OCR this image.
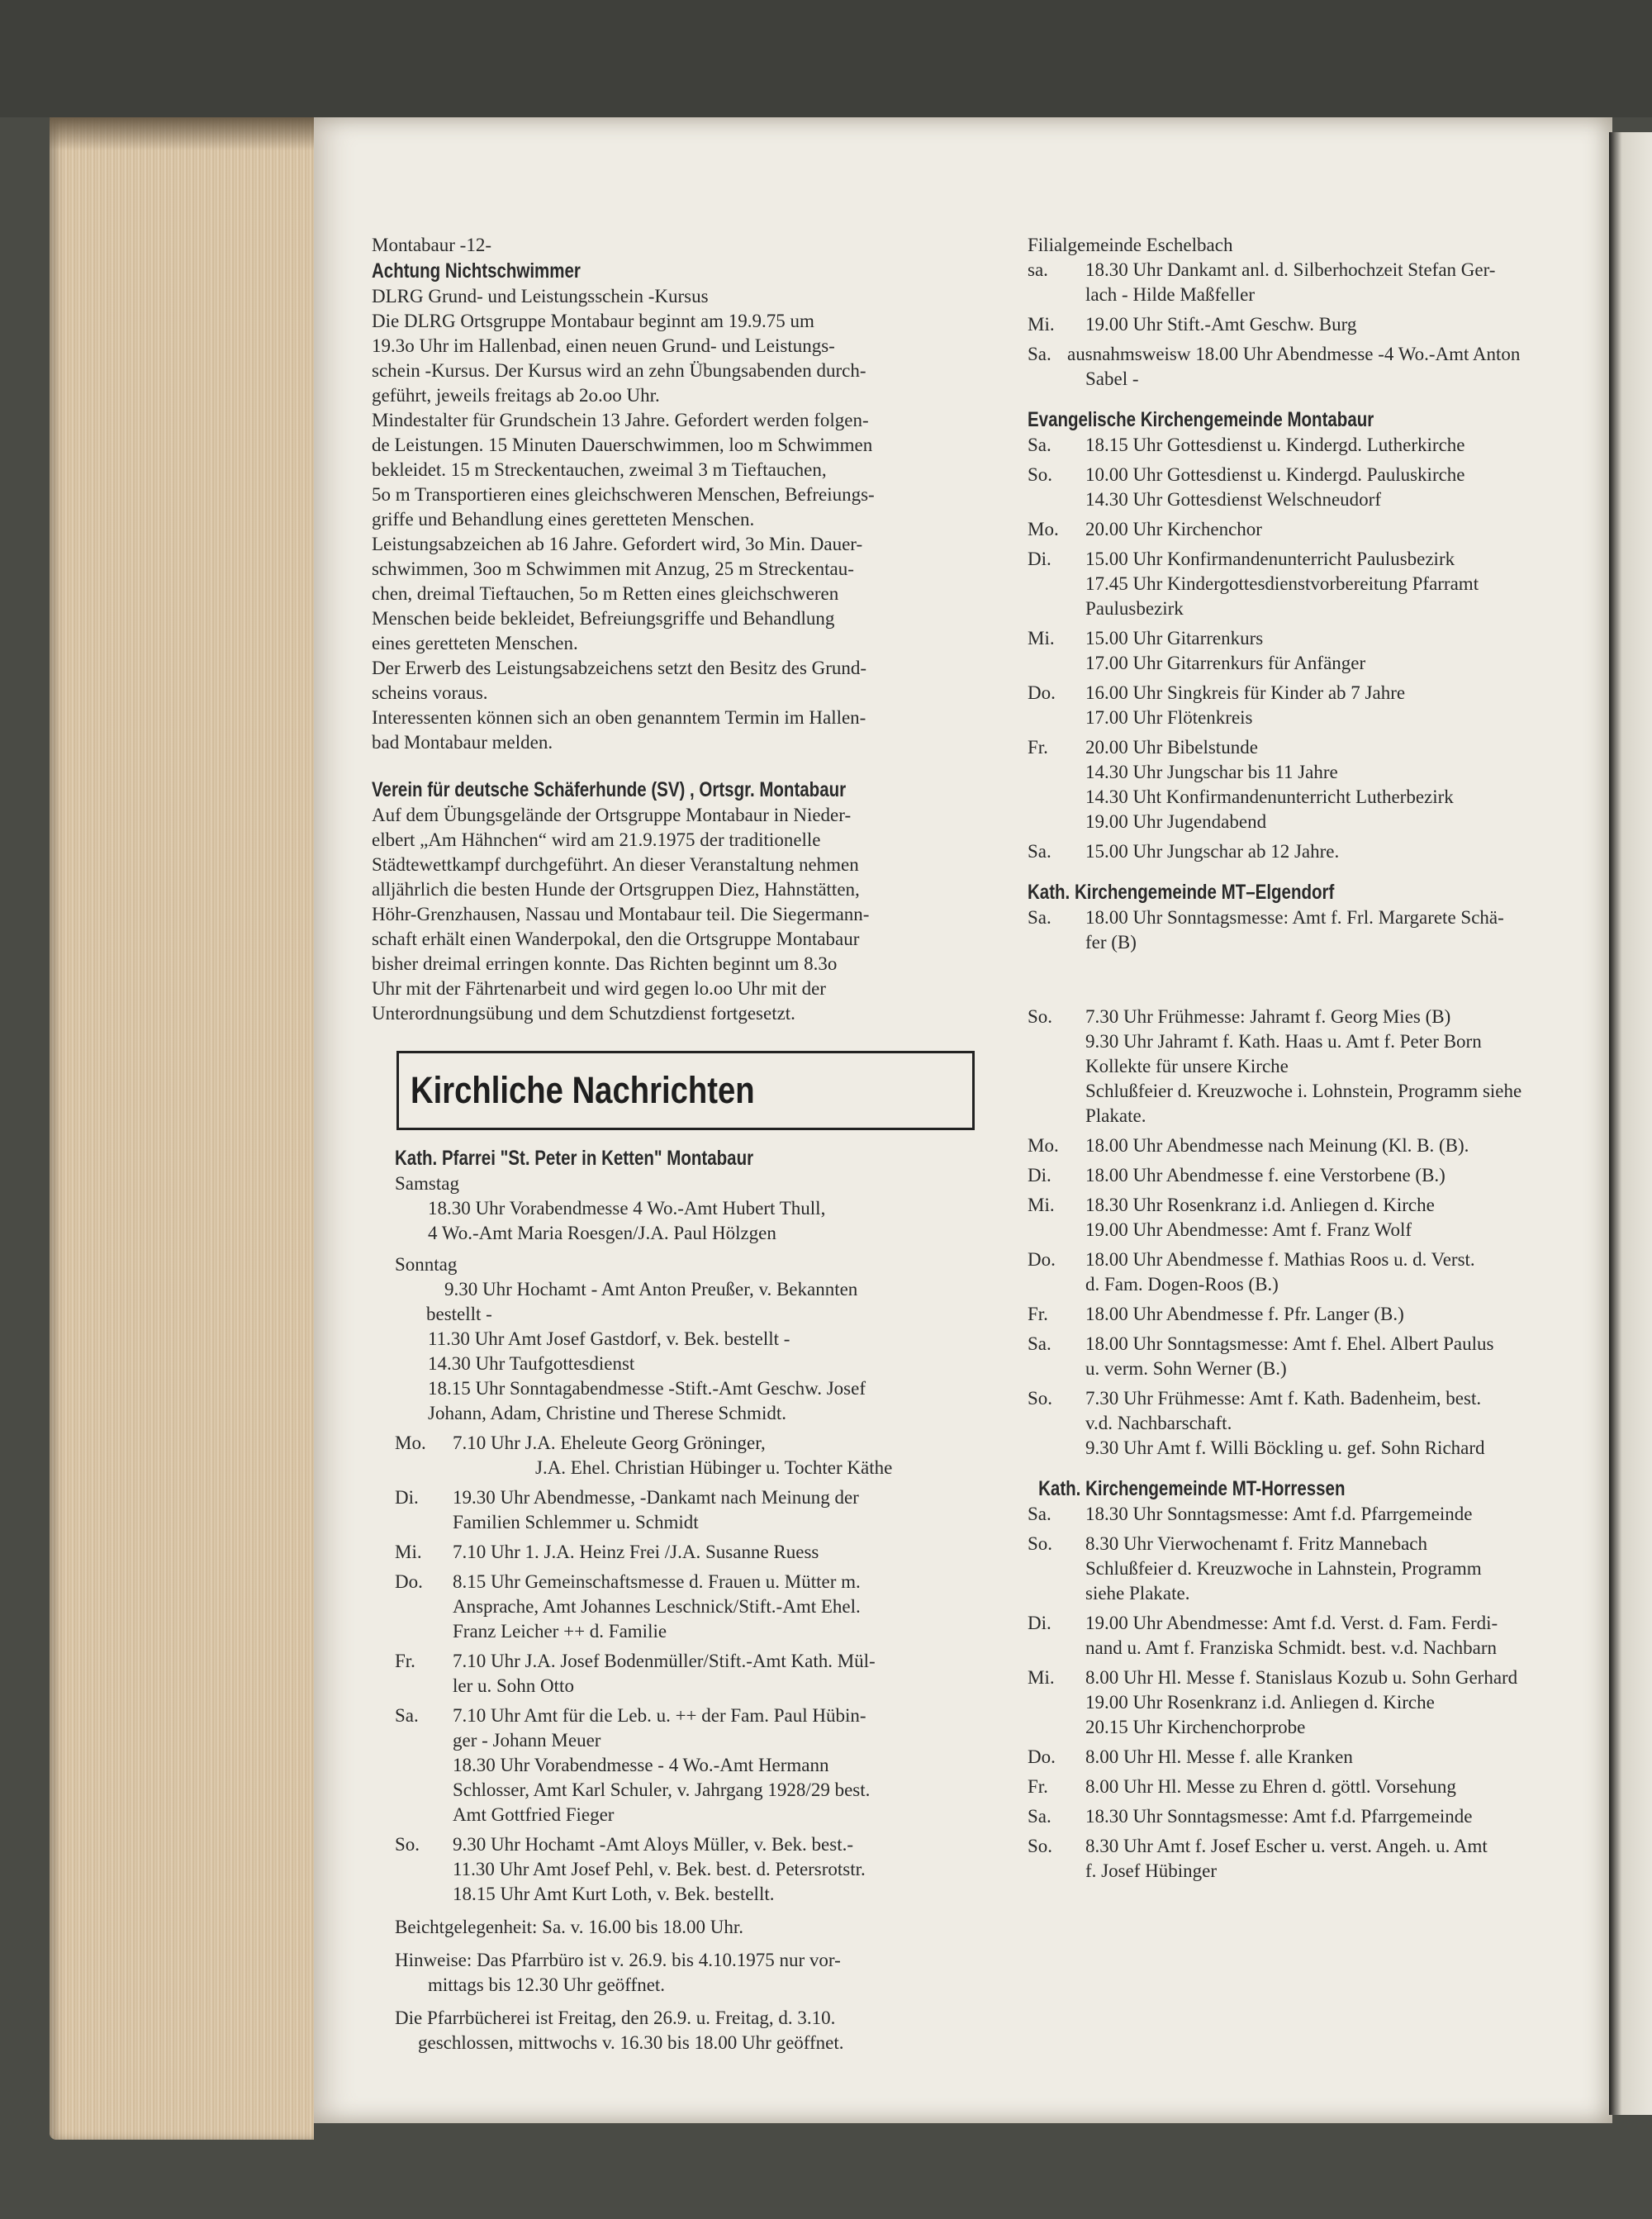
Montabaur -12-

Achtung Nichtschwimmer

DLRG Grund- und Leistungsschein -Kursus

Die DLRG Ortsgruppe Montabaur beginnt am 19.9.75 um

19.3o Uhr im Hallenbad, einen neuen Grund- und Leistungs-

schein -Kursus. Der Kursus wird an zehn Übungsabenden durch-

geführt, jeweils freitags ab 2o.oo Uhr.

Mindestalter für Grundschein 13 Jahre. Gefordert werden folgen-

de Leistungen. 15 Minuten Dauerschwimmen, loo m Schwimmen

bekleidet. 15 m Streckentauchen, zweimal 3 m Tieftauchen,

5o m Transportieren eines gleichschweren Menschen, Befreiungs-

griffe und Behandlung eines geretteten Menschen.

Leistungsabzeichen ab 16 Jahre. Gefordert wird, 3o Min. Dauer-

schwimmen, 3oo m Schwimmen mit Anzug, 25 m Streckentau-

chen, dreimal Tieftauchen, 5o m Retten eines gleichschweren

Menschen beide bekleidet, Befreiungsgriffe und Behandlung

eines geretteten Menschen.

Der Erwerb des Leistungsabzeichens setzt den Besitz des Grund-

scheins voraus.

Interessenten können sich an oben genanntem Termin im Hallen-

bad Montabaur melden.

Verein für deutsche Schäferhunde (SV) , Ortsgr. Montabaur

Auf dem Übungsgelände der Ortsgruppe Montabaur in Nieder-

elbert „Am Hähnchen“ wird am 21.9.1975 der traditionelle

Städtewettkampf durchgeführt. An dieser Veranstaltung nehmen

alljährlich die besten Hunde der Ortsgruppen Diez, Hahnstätten,

Höhr-Grenzhausen, Nassau und Montabaur teil. Die Siegermann-

schaft erhält einen Wanderpokal, den die Ortsgruppe Montabaur

bisher dreimal erringen konnte. Das Richten beginnt um 8.3o

Uhr mit der Fährtenarbeit und wird gegen lo.oo Uhr mit der

Unterordnungsübung und dem Schutzdienst fortgesetzt.

Kirchliche Nachrichten
Kath. Pfarrei "St. Peter in Ketten" Montabaur

Samstag

18.30 Uhr Vorabendmesse 4 Wo.-Amt Hubert Thull,

4 Wo.-Amt Maria Roesgen/J.A. Paul Hölzgen

Sonntag

9.30 Uhr Hochamt - Amt Anton Preußer, v. Bekannten

bestellt -

11.30 Uhr Amt Josef Gastdorf, v. Bek. bestellt -

14.30 Uhr Taufgottesdienst

18.15 Uhr Sonntagabendmesse -Stift.-Amt Geschw. Josef

Johann, Adam, Christine und Therese Schmidt.

Mo.	7.10 Uhr J.A. Eheleute Georg Gröninger,
J.A. Ehel. Christian Hübinger u. Tochter Käthe
Di.	19.30 Uhr Abendmesse, -Dankamt nach Meinung der
Familien Schlemmer u. Schmidt
Mi.	7.10 Uhr 1. J.A. Heinz Frei /J.A. Susanne Ruess
Do.	8.15 Uhr Gemeinschaftsmesse d. Frauen u. Mütter m.
Ansprache, Amt Johannes Leschnick/Stift.-Amt Ehel.
Franz Leicher ++ d. Familie
Fr.	7.10 Uhr J.A. Josef Bodenmüller/Stift.-Amt Kath. Mül-
ler u. Sohn Otto
Sa.	7.10 Uhr Amt für die Leb. u. ++ der Fam. Paul Hübin-
ger - Johann Meuer
18.30 Uhr Vorabendmesse - 4 Wo.-Amt Hermann
Schlosser, Amt Karl Schuler, v. Jahrgang 1928/29 best.
Amt Gottfried Fieger
So.	9.30 Uhr Hochamt -Amt Aloys Müller, v. Bek. best.-
11.30 Uhr Amt Josef Pehl, v. Bek. best. d. Petersrotstr.
18.15 Uhr Amt Kurt Loth, v. Bek. bestellt.

Beichtgelegenheit: Sa. v. 16.00 bis 18.00 Uhr.

Hinweise: Das Pfarrbüro ist v. 26.9. bis 4.10.1975 nur vor-

mittags bis 12.30 Uhr geöffnet.

Die Pfarrbücherei ist Freitag, den 26.9. u. Freitag, d. 3.10.

geschlossen, mittwochs v. 16.30 bis 18.00 Uhr geöffnet.

Filialgemeinde Eschelbach

sa.	18.30 Uhr Dankamt anl. d. Silberhochzeit Stefan Ger-
lach - Hilde Maßfeller
Mi.	19.00 Uhr Stift.-Amt Geschw. Burg
Sa. ausnahmsweisw 18.00 Uhr Abendmesse -4 Wo.-Amt Anton
Sabel -
Evangelische Kirchengemeinde Montabaur
Sa.	18.15 Uhr Gottesdienst u. Kindergd. Lutherkirche
So.	10.00 Uhr Gottesdienst u. Kindergd. Pauluskirche
14.30 Uhr Gottesdienst Welschneudorf
Mo.	20.00 Uhr Kirchenchor
Di.	15.00 Uhr Konfirmandenunterricht Paulusbezirk
17.45 Uhr Kindergottesdienstvorbereitung Pfarramt
Paulusbezirk
Mi.	15.00 Uhr Gitarrenkurs
17.00 Uhr Gitarrenkurs für Anfänger
Do.	16.00 Uhr Singkreis für Kinder ab 7 Jahre
17.00 Uhr Flötenkreis
Fr.	20.00 Uhr Bibelstunde
14.30 Uhr Jungschar bis 11 Jahre
14.30 Uht Konfirmandenunterricht Lutherbezirk
19.00 Uhr Jugendabend
Sa.	15.00 Uhr Jungschar ab 12 Jahre.
Kath. Kirchengemeinde MT–Elgendorf
Sa.	18.00 Uhr Sonntagsmesse: Amt f. Frl. Margarete Schä-
fer (B)
So.	7.30 Uhr Frühmesse: Jahramt f. Georg Mies (B)
9.30 Uhr Jahramt f. Kath. Haas u. Amt f. Peter Born
Kollekte für unsere Kirche
Schlußfeier d. Kreuzwoche i. Lohnstein, Programm siehe
Plakate.
Mo.	18.00 Uhr Abendmesse nach Meinung (Kl. B. (B).
Di.	18.00 Uhr Abendmesse f. eine Verstorbene (B.)
Mi.	18.30 Uhr Rosenkranz i.d. Anliegen d. Kirche
19.00 Uhr Abendmesse: Amt f. Franz Wolf
Do.	18.00 Uhr Abendmesse f. Mathias Roos u. d. Verst.
d. Fam. Dogen-Roos (B.)
Fr.	18.00 Uhr Abendmesse f. Pfr. Langer (B.)
Sa.	18.00 Uhr Sonntagsmesse: Amt f. Ehel. Albert Paulus
u. verm. Sohn Werner (B.)
So.	7.30 Uhr Frühmesse: Amt f. Kath. Badenheim, best.
v.d. Nachbarschaft.
9.30 Uhr Amt f. Willi Böckling u. gef. Sohn Richard
Kath. Kirchengemeinde MT-Horressen
Sa.	18.30 Uhr Sonntagsmesse: Amt f.d. Pfarrgemeinde
So.	8.30 Uhr Vierwochenamt f. Fritz Mannebach
Schlußfeier d. Kreuzwoche in Lahnstein, Programm
siehe Plakate.
Di.	19.00 Uhr Abendmesse: Amt f.d. Verst. d. Fam. Ferdi-
nand u. Amt f. Franziska Schmidt. best. v.d. Nachbarn
Mi.	8.00 Uhr Hl. Messe f. Stanislaus Kozub u. Sohn Gerhard
19.00 Uhr Rosenkranz i.d. Anliegen d. Kirche
20.15 Uhr Kirchenchorprobe
Do.	8.00 Uhr Hl. Messe f. alle Kranken
Fr.	8.00 Uhr Hl. Messe zu Ehren d. göttl. Vorsehung
Sa.	18.30 Uhr Sonntagsmesse: Amt f.d. Pfarrgemeinde
So.	8.30 Uhr Amt f. Josef Escher u. verst. Angeh. u. Amt
f. Josef Hübinger
